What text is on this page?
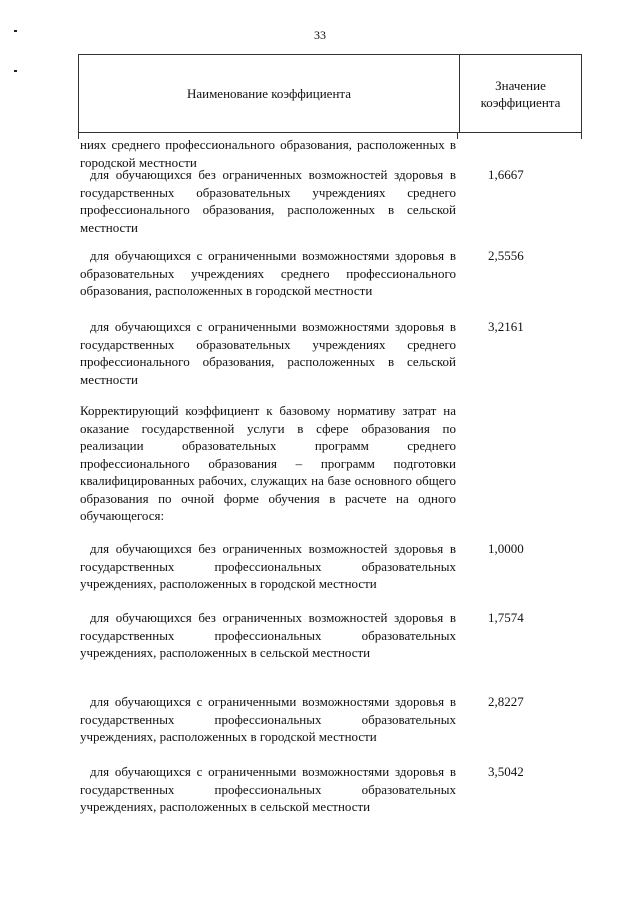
33
Наименование коэффициента
Значение коэффициента
ниях среднего профессионального образования, расположенных в городской местности
для обучающихся без ограниченных возможностей здоровья в государственных образовательных учреждениях среднего профессионального образования, расположенных в сельской местности
1,6667
для обучающихся с ограниченными возможностями здоровья в образовательных учреждениях среднего профессионального образования, расположенных в городской местности
2,5556
для обучающихся с ограниченными возможностями здоровья в государственных образовательных учреждениях среднего профессионального образования, расположенных в сельской местности
3,2161
Корректирующий коэффициент к базовому нормативу затрат на оказание государственной услуги в сфере образования по реализации образовательных программ среднего профессионального образования – программ подготовки квалифицированных рабочих, служащих на базе основного общего образования по очной форме обучения в расчете на одного обучающегося:
для обучающихся без ограниченных возможностей здоровья в государственных профессиональных образовательных учреждениях, расположенных в городской местности
1,0000
для обучающихся без ограниченных возможностей здоровья в государственных профессиональных образовательных учреждениях, расположенных в сельской местности
1,7574
для обучающихся с ограниченными возможностями здоровья в государственных профессиональных образовательных учреждениях, расположенных в городской местности
2,8227
для обучающихся с ограниченными возможностями здоровья в государственных профессиональных образовательных учреждениях, расположенных в сельской местности
3,5042
